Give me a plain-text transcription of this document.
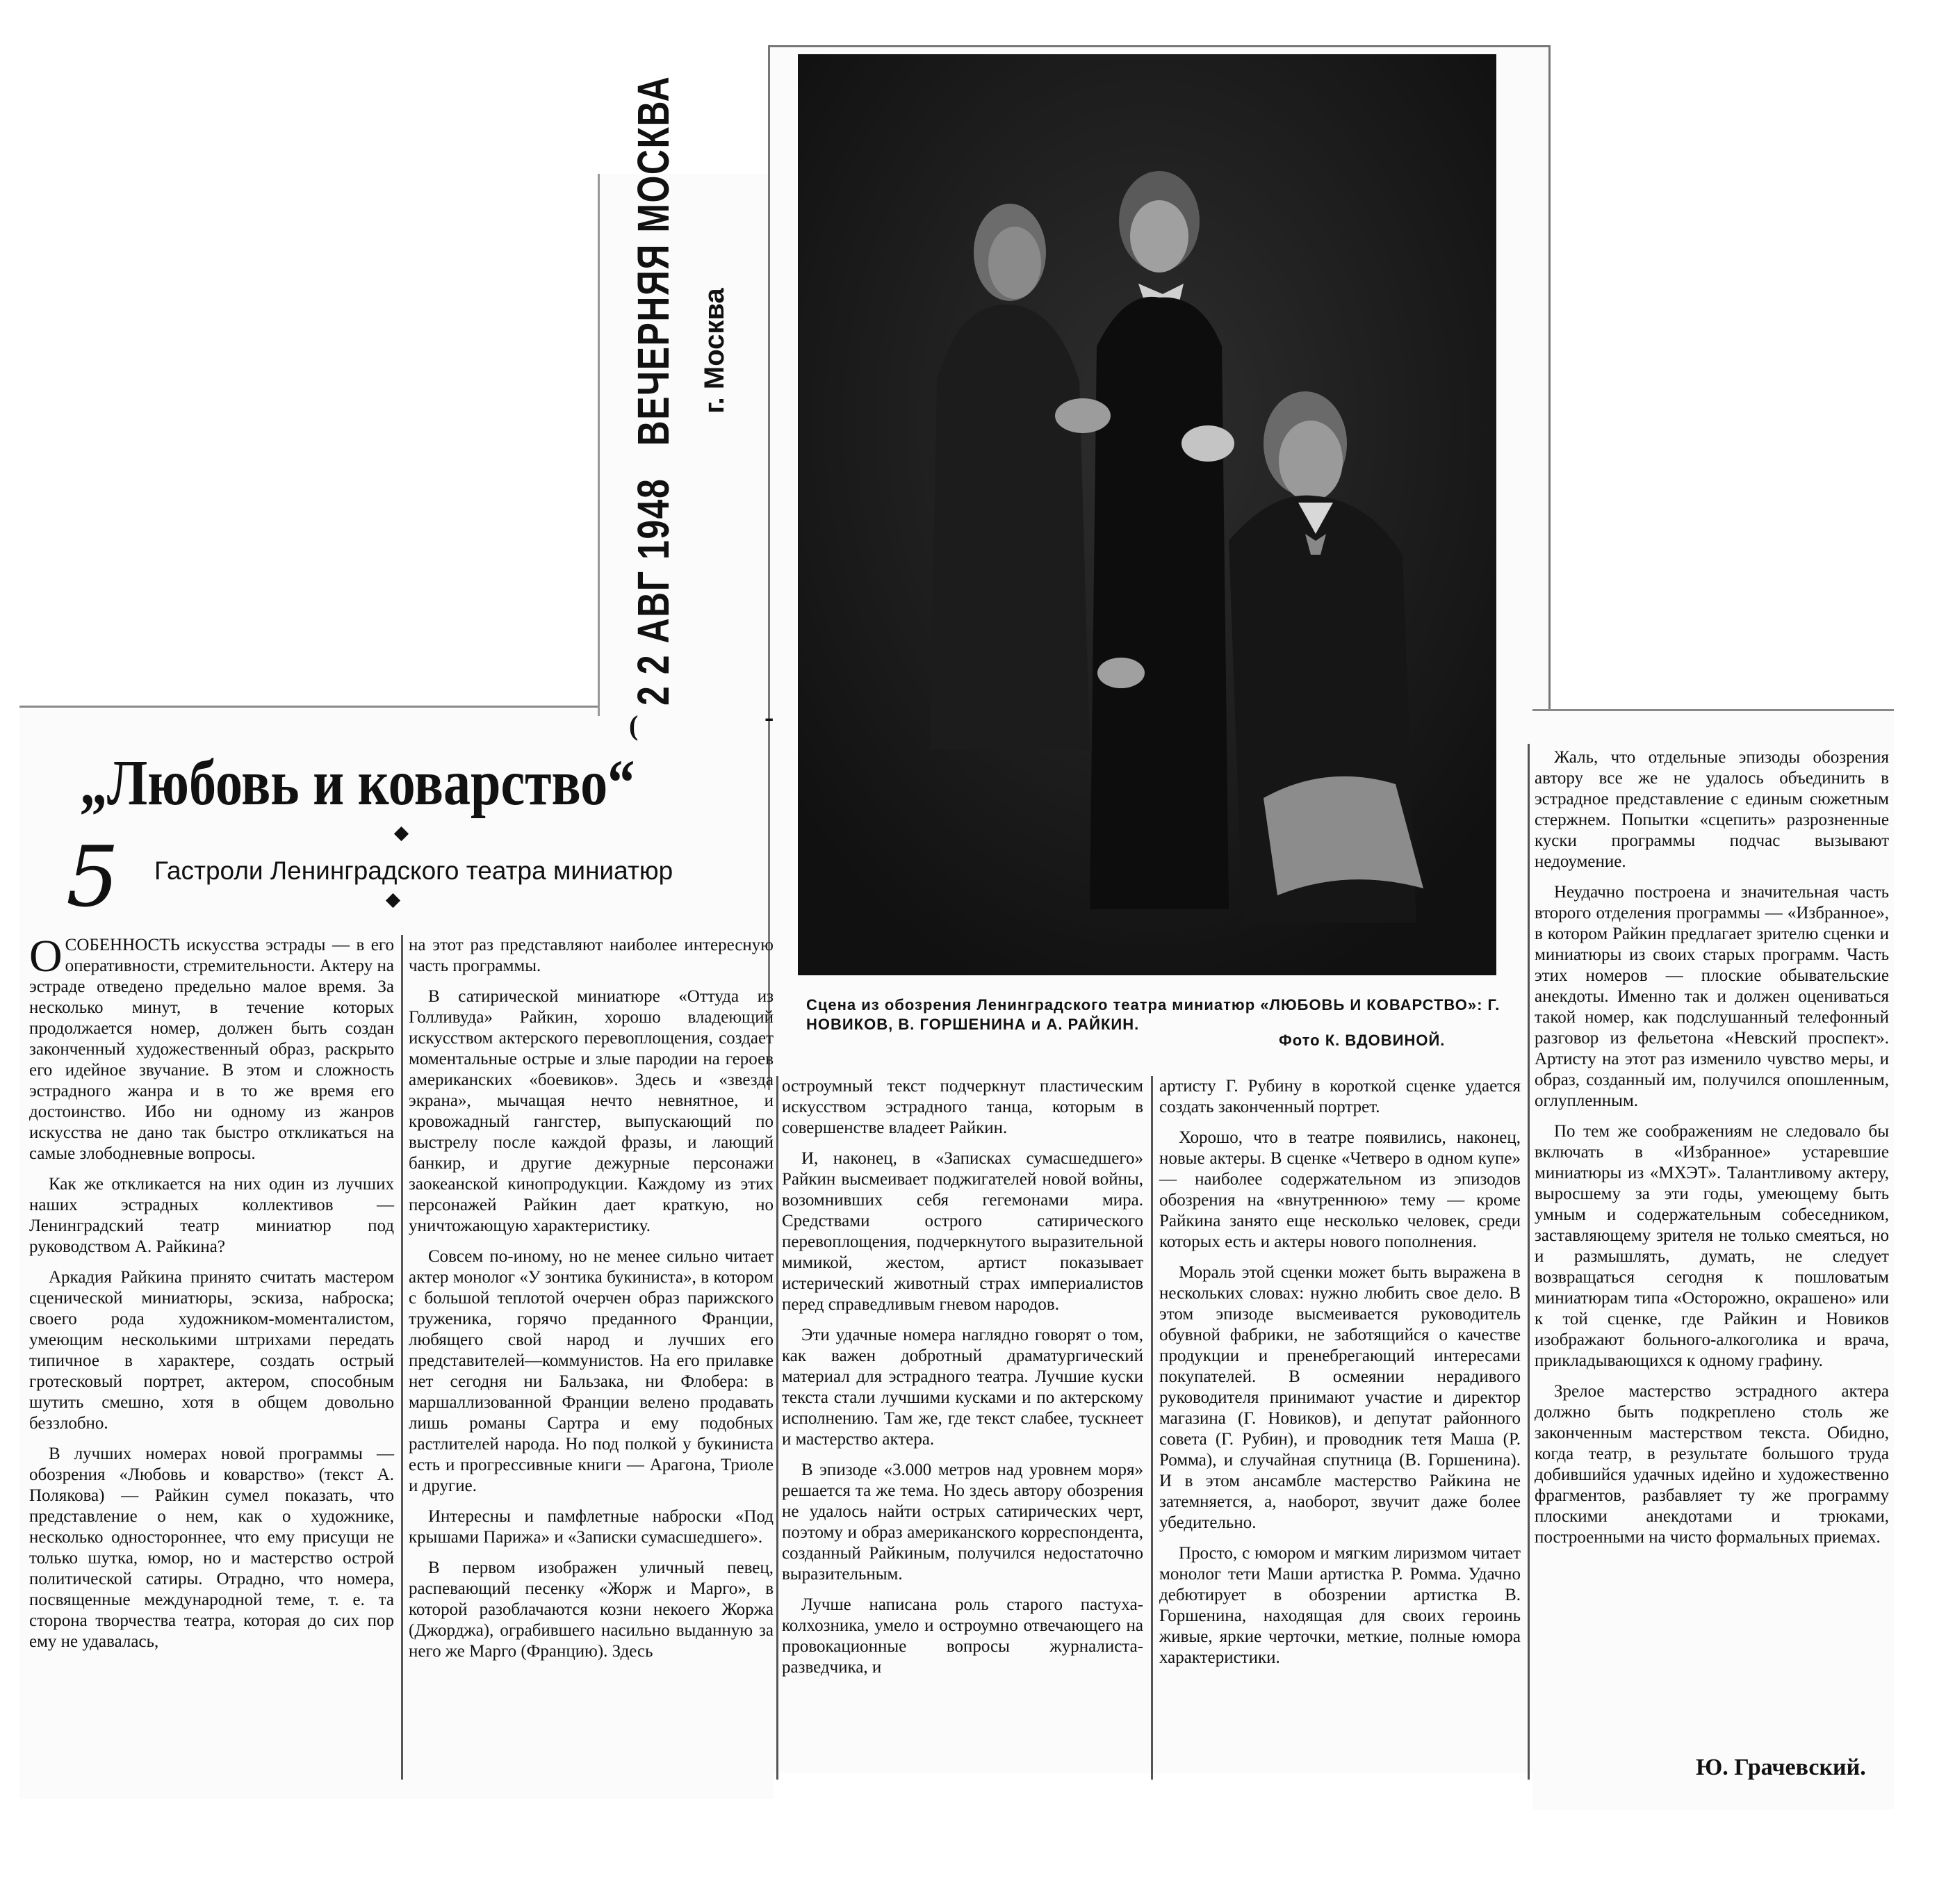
2 2 АВГ 1948   ВЕЧЕРНЯЯ МОСКВА г. Москва
(	-
Сцена из обозрения Ленинградского театра миниатюр «ЛЮБОВЬ И КОВАРСТВО»: Г. НОВИКОВ, В. ГОРШЕНИНА и А. РАЙКИН.
Фото К. ВДОВИНОЙ.
„Любовь и коварство“
5 Гастроли Ленинградского театра миниатюр

ОСОБЕННОСТЬ искусства эстрады — в его оперативности, стремительности. Актеру на эстраде отведено предельно малое время. За несколько минут, в течение которых продолжается номер, должен быть создан законченный художественный образ, раскрыто его идейное звучание. В этом и сложность эстрадного жанра и в то же время его достоинство. Ибо ни одному из жанров искусства не дано так быстро откликаться на самые злободневные вопросы.

Как же откликается на них один из лучших наших эстрадных коллективов — Ленинградский театр миниатюр под руководством А. Райкина?

Аркадия Райкина принято считать мастером сценической миниатюры, эскиза, наброска; своего рода художником-моменталистом, умеющим несколькими штрихами передать типичное в характере, создать острый гротесковый портрет, актером, способным шутить смешно, хотя в общем довольно беззлобно.

В лучших номерах новой программы — обозрения «Любовь и коварство» (текст А. Полякова) — Райкин сумел показать, что представление о нем, как о художнике, несколько одностороннее, что ему присущи не только шутка, юмор, но и мастерство острой политической сатиры. Отрадно, что номера, посвященные международной теме, т. е. та сторона творчества театра, которая до сих пор ему не удавалась,

на этот раз представляют наиболее интересную часть программы.

В сатирической миниатюре «Оттуда из Голливуда» Райкин, хорошо владеющий искусством актерского перевоплощения, создает моментальные острые и злые пародии на героев американских «боевиков». Здесь и «звезда экрана», мычащая нечто невнятное, и кровожадный гангстер, выпускающий по выстрелу после каждой фразы, и лающий банкир, и другие дежурные персонажи заокеанской кинопродукции. Каждому из этих персонажей Райкин дает краткую, но уничтожающую характеристику.

Совсем по-иному, но не менее сильно читает актер монолог «У зонтика букиниста», в котором с большой теплотой очерчен образ парижского труженика, горячо преданного Франции, любящего свой народ и лучших его представителей—коммунистов. На его прилавке нет сегодня ни Бальзака, ни Флобера: в маршаллизованной Франции велено продавать лишь романы Сартра и ему подобных растлителей народа. Но под полкой у букиниста есть и прогрессивные книги — Арагона, Триоле и другие.

Интересны и памфлетные наброски «Под крышами Парижа» и «Записки сумасшедшего».

В первом изображен уличный певец, распевающий песенку «Жорж и Марго», в которой разоблачаются козни некоего Жоржа (Джорджа), ограбившего насильно выданную за него же Марго (Францию). Здесь

остроумный текст подчеркнут пластическим искусством эстрадного танца, которым в совершенстве владеет Райкин.

И, наконец, в «Записках сумасшедшего» Райкин высмеивает поджигателей новой войны, возомнивших себя гегемонами мира. Средствами острого сатирического перевоплощения, подчеркнутого выразительной мимикой, жестом, артист показывает истерический животный страх империалистов перед справедливым гневом народов.

Эти удачные номера наглядно говорят о том, как важен добротный драматургический материал для эстрадного театра. Лучшие куски текста стали лучшими кусками и по актерскому исполнению. Там же, где текст слабее, тускнеет и мастерство актера.

В эпизоде «3.000 метров над уровнем моря» решается та же тема. Но здесь автору обозрения не удалось найти острых сатирических черт, поэтому и образ американского корреспондента, созданный Райкиным, получился недостаточно выразительным.

Лучше написана роль старого пастуха-колхозника, умело и остроумно отвечающего на провокационные вопросы журналиста-разведчика, и

артисту Г. Рубину в короткой сценке удается создать законченный портрет.

Хорошо, что в театре появились, наконец, новые актеры. В сценке «Четверо в одном купе» — наиболее содержательном из эпизодов обозрения на «внутреннюю» тему — кроме Райкина занято еще несколько человек, среди которых есть и актеры нового пополнения.

Мораль этой сценки может быть выражена в нескольких словах: нужно любить свое дело. В этом эпизоде высмеивается руководитель обувной фабрики, не заботящийся о качестве продукции и пренебрегающий интересами покупателей. В осмеянии нерадивого руководителя принимают участие и директор магазина (Г. Новиков), и депутат районного совета (Г. Рубин), и проводник тетя Маша (Р. Ромма), и случайная спутница (В. Горшенина). И в этом ансамбле мастерство Райкина не затемняется, а, наоборот, звучит даже более убедительно.

Просто, с юмором и мягким лиризмом читает монолог тети Маши артистка Р. Ромма. Удачно дебютирует в обозрении артистка В. Горшенина, находящая для своих героинь живые, яркие черточки, меткие, полные юмора характеристики.

Жаль, что отдельные эпизоды обозрения автору все же не удалось объединить в эстрадное представление с единым сюжетным стержнем. Попытки «сцепить» разрозненные куски программы подчас вызывают недоумение.

Неудачно построена и значительная часть второго отделения программы — «Избранное», в котором Райкин предлагает зрителю сценки и миниатюры из своих старых программ. Часть этих номеров — плоские обывательские анекдоты. Именно так и должен оцениваться такой номер, как подслушанный телефонный разговор из фельетона «Невский проспект». Артисту на этот раз изменило чувство меры, и образ, созданный им, получился опошленным, оглупленным.

По тем же соображениям не следовало бы включать в «Избранное» устаревшие миниатюры из «МХЭТ». Талантливому актеру, выросшему за эти годы, умеющему быть умным и содержательным собеседником, заставляющему зрителя не только смеяться, но и размышлять, думать, не следует возвращаться сегодня к пошловатым миниатюрам типа «Осторожно, окрашено» или к той сценке, где Райкин и Новиков изображают больного-алкоголика и врача, прикладывающихся к одному графину.

Зрелое мастерство эстрадного актера должно быть подкреплено столь же законченным мастерством текста. Обидно, когда театр, в результате большого труда добившийся удачных идейно и художественно фрагментов, разбавляет ту же программу плоскими анекдотами и трюками, построенными на чисто формальных приемах.

Ю. Грачевский.
